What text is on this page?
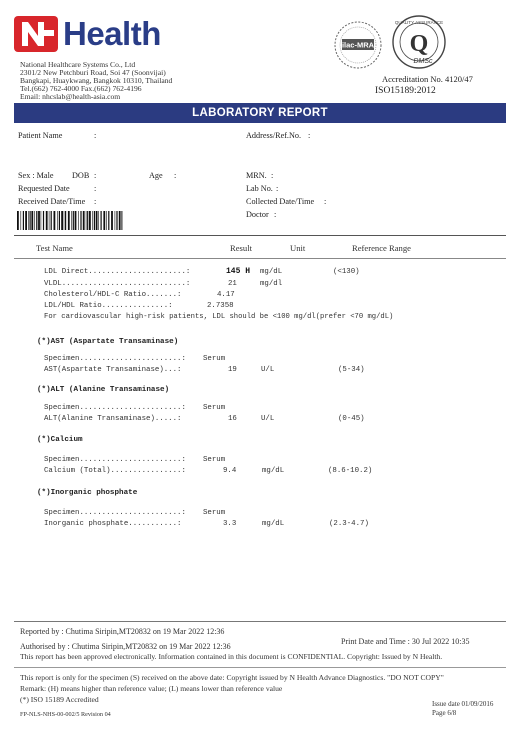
Health
National Healthcare Systems Co., Ltd
2301/2 New Petchburi Road, Soi 47 (Soonvijai)
Bangkapi, Huaykwang, Bangkok 10310, Thailand
Tel.(662) 762-4000 Fax.(662) 762-4196
Email: nhcslab@health-asia.com
ilac-MRA Q
DMSc
QUALITY ASSURANCE
Accreditation No. 4120/47
ISO15189:2012
LABORATORY REPORT
Patient Name	:	Address/Ref.No. :
Sex : Male DOB :	Age :	MRN. :
Requested Date	:	Lab No. :
Received Date/Time :	Collected Date/Time :
Doctor :
Test Name	Result	Unit	Reference Range
LDL Direct......................:	145 H mg/dL	(<130)
VLDL............................:	21	mg/dl
Cholesterol/HDL-C Ratio.......:	4.17
LDL/HDL Ratio...............:	2.7358
For cardiovascular high-risk patients, LDL should be <100 mg/dl(prefer <70 mg/dL)
(*)AST (Aspartate Transaminase)
Specimen.......................: Serum
AST(Aspartate Transaminase)...:	19	U/L	(5-34)
(*)ALT (Alanine Transaminase)
Specimen.......................: Serum
ALT(Alanine Transaminase).....:	16	U/L	(0-45)
(*)Calcium
Specimen.......................: Serum
Calcium (Total)................:	9.4	mg/dL	(8.6-10.2)
(*)Inorganic phosphate
Specimen.......................: Serum
Inorganic phosphate...........:	3.3	mg/dL	(2.3-4.7)
Reported by : Chutima Siripin,MT20832 on 19 Mar 2022 12:36
Authorised by : Chutima Siripin,MT20832 on 19 Mar 2022 12:36
Print Date and Time : 30 Jul 2022 10:35
This report has been approved electronically. Information contained in this document is CONFIDENTIAL. Copyright: Issued by N Health.
This report is only for the specimen (S) received on the above date: Copyright issued by N Health Advance Diagnostics. "DO NOT COPY"
Remark: (H) means higher than reference value; (L) means lower than reference value
(*) ISO 15189 Accredited
FP-NLS-NHS-00-002/5 Revision 04
Issue date 01/09/2016
Page 6/8
